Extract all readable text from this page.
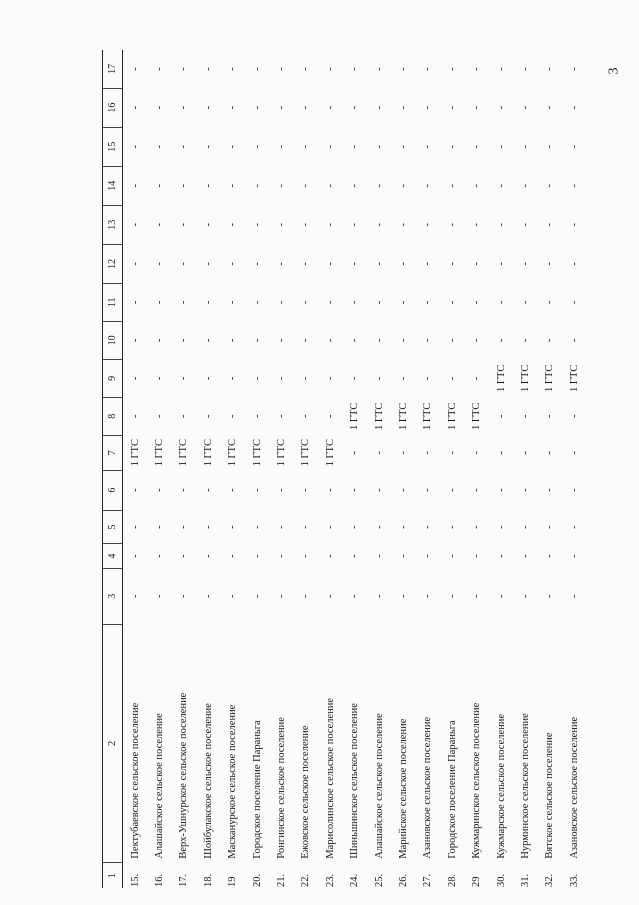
3
1	2	3	4	5	6	7	8	9	10	11	12	13	14	15	16	17
15.	Пектубаевское сельское поселение	-	-	-	-	1 ГТС	-	-	-	-	-	-	-	-	-	-
16.	Алашайское сельское поселение	-	-	-	-	1 ГТС	-	-	-	-	-	-	-	-	-	-
17.	Верх-Ушнурское сельское поселение	-	-	-	-	1 ГТС	-	-	-	-	-	-	-	-	-	-
18.	Шойбулакское сельское поселение	-	-	-	-	1 ГТС	-	-	-	-	-	-	-	-	-	-
19	Маскануpское сельское поселение	-	-	-	-	1 ГТС	-	-	-	-	-	-	-	-	-	-
20.	Городское поселение Параньга	-	-	-	-	1 ГТС	-	-	-	-	-	-	-	-	-	-
21.	Ронгинское сельское поселение	-	-	-	-	1 ГТС	-	-	-	-	-	-	-	-	-	-
22.	Ежовское сельское поселение	-	-	-	-	1 ГТС	-	-	-	-	-	-	-	-	-	-
23.	Марисолинское сельское поселение	-	-	-	-	1 ГТС	-	-	-	-	-	-	-	-	-	-
24.	Шиньшинское сельское поселение	-	-	-	-	-	1 ГТС	-	-	-	-	-	-	-	-	-
25.	Алашайское сельское поселение	-	-	-	-	-	1 ГТС	-	-	-	-	-	-	-	-	-
26.	Марийское сельское поселение	-	-	-	-	-	1 ГТС	-	-	-	-	-	-	-	-	-
27.	Азановское сельское поселение	-	-	-	-	-	1 ГТС	-	-	-	-	-	-	-	-	-
28.	Городское поселение Параньга	-	-	-	-	-	1 ГТС	-	-	-	-	-	-	-	-	-
29	Кужмаринское сельское поселение	-	-	-	-	-	1 ГТС	-	-	-	-	-	-	-	-	-
30.	Кужмарское сельское поселение	-	-	-	-	-	-	1 ГТС	-	-	-	-	-	-	-	-
31.	Нурминское сельское поселение	-	-	-	-	-	-	1 ГТС	-	-	-	-	-	-	-	-
32.	Вятское сельское поселение	-	-	-	-	-	-	1 ГТС	-	-	-	-	-	-	-	-
33.	Азановское сельское поселение	-	-	-	-	-	-	1 ГТС	-	-	-	-	-	-	-	-
